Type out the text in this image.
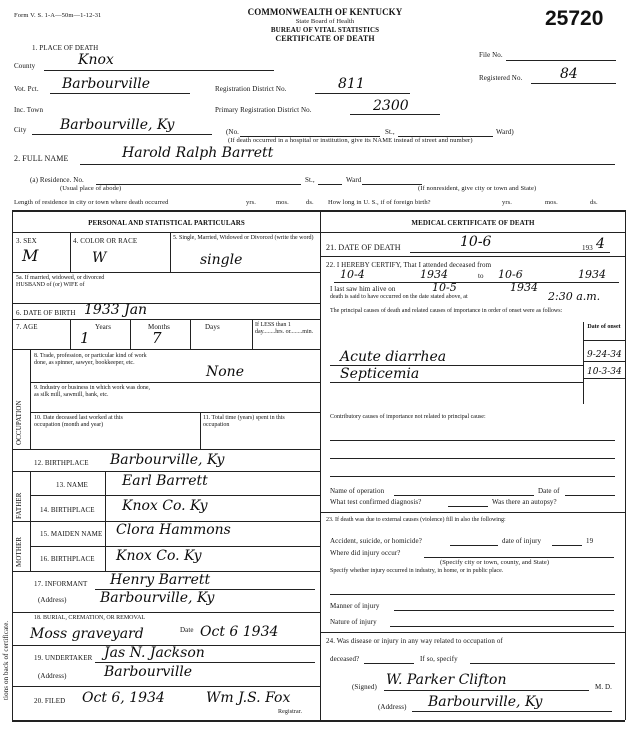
Form V. S. 1-A—50m—1-12-31	COMMONWEALTH OF KENTUCKY
State Board of Health
BUREAU OF VITAL STATISTICS
CERTIFICATE OF DEATH
25720
File No.
Registered No.	84
1. PLACE OF DEATH
County	Knox
Vot. Pct. Barbourville	Registration District No.	811
Inc. Town	Primary Registration District No.	2300
City Barbourville, Ky	(No.	St.,	Ward)
(If death occurred in a hospital or institution, give its NAME instead of street and number)
2. FULL NAME	Harold Ralph Barrett
(a) Residence. No.	St.,	Ward
(Usual place of abode)	(If nonresident, give city or town and State)
Length of residence in city or town where death occurred	yrs.	mos.	ds. How long in U. S., if of foreign birth?	yrs.	mos.	ds.
PERSONAL AND STATISTICAL PARTICULARS	MEDICAL CERTIFICATE OF DEATH
3. SEX
M
4. COLOR OR RACE
W
5. Single, Married, Widowed or Divorced (write the word)
single
5a. If married, widowed, or divorced HUSBAND of (or) WIFE of
6. DATE OF BIRTH 1933 Jan
7. AGE	Years	Months	Days	If LESS than 1 day........hrs. or........min.
1	7
OCCUPATION
8. Trade, profession, or particular kind of work done, as spinner, sawyer, bookkeeper, etc.
None
9. Industry or business in which work was done, as silk mill, sawmill, bank, etc.
10. Date deceased last worked at this occupation (month and year)
11. Total time (years) spent in this occupation
12. BIRTHPLACE Barbourville, Ky
FATHER
MOTHER
13. NAME Earl Barrett
14. BIRTHPLACE Knox Co. Ky
15. MAIDEN NAME Clora Hammons
16. BIRTHPLACE Knox Co. Ky
17. INFORMANT Henry Barrett
(Address) Barbourville, Ky
18. BURIAL, CREMATION, OR REMOVAL
Moss graveyard	Date Oct 6 1934
19. UNDERTAKER Jas N. Jackson
(Address)	Barbourville
20. FILED Oct 6, 1934	Wm J.S. Fox
Registrar.
tions on back of certificate.
21. DATE OF DEATH	10-6	193 4
22. I HEREBY CERTIFY, That I attended deceased from
10-4	1934	to 10-6	1934
I last saw him alive on	10-5	1934
death is said to have occurred on the date stated above, at	2:30 a.m.
The principal causes of death and related causes of importance in order of onset were as follows:
Date of onset
Acute diarrhea	9-24-34
Septicemia	10-3-34
Contributory causes of importance not related to principal cause:
Name of operation	Date of
What test confirmed diagnosis?	Was there an autopsy?
23. If death was due to external causes (violence) fill in also the following:
Accident, suicide, or homicide?	date of injury	19
Where did injury occur?
(Specify city or town, county, and State)
Specify whether injury occurred in industry, in home, or in public place.
Manner of injury
Nature of injury
24. Was disease or injury in any way related to occupation of
deceased?	If so, specify
(Signed) W. Parker Clifton	M. D.
(Address) Barbourville, Ky
